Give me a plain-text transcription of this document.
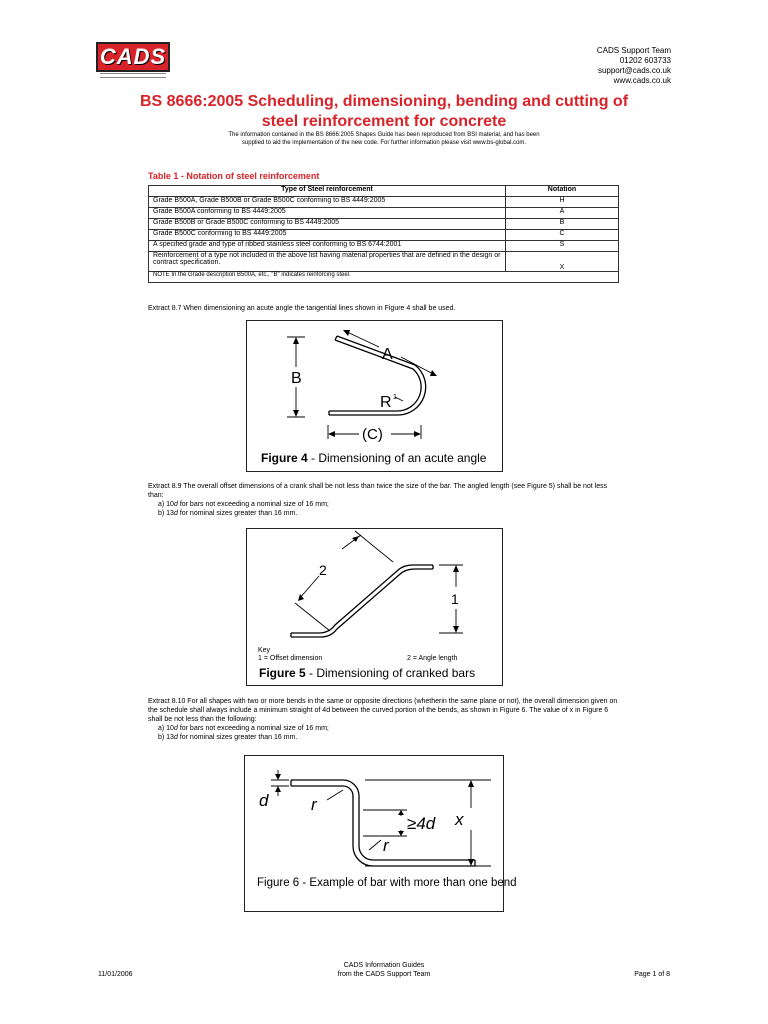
CADS	CADS Support Team
01202 603733
support@cads.co.uk
www.cads.co.uk
BS 8666:2005 Scheduling, dimensioning, bending and cutting of steel reinforcement for concrete
The information contained in the BS 8666:2005 Shapes Guide has been reproduced from BSI material, and has been supplied to aid the implementation of the new code. For further information please visit www.bs-global.com.
Table 1 - Notation of steel reinforcement
Type of Steel reinforcement	Notation
Grade B500A, Grade B500B or Grade B500C conforming to BS 4449:2005	H
Grade B500A conforming to BS 4449:2005	A
Grade B500B or Grade B500C conforming to BS 4449:2005	B
Grade B500C conforming to BS 4449:2005	C
A specified grade and type of ribbed stainless steel conforming to BS 6744:2001	S
Reinforcement of a type not included in the above list having material properties that are defined in the design or contract specification.	X
NOTE In the Grade description B500A, etc., "B" indicates reinforcing steel.	
Extract 8.7 When dimensioning an acute angle the tangential lines shown in Figure 4 shall be used.
B
A
R 1
(C)
Figure 4 - Dimensioning of an acute angle
Extract 8.9 The overall offset dimensions of a crank shall be not less than twice the size of the bar. The angled length (see Figure 5) shall be not less than:
a) 10d for bars not exceeding a nominal size of 16 mm;
b) 13d for nominal sizes greater than 16 mm.
2
1
Key
1 = Offset dimension	2 = Angle length
Figure 5 - Dimensioning of cranked bars
Extract 8.10 For all shapes with two or more bends in the same or opposite directions (whetherin the same plane or not), the overall dimension given on the schedule shall always include a minimum straight of 4d between the curved portion of the bends, as shown in Figure 6. The value of x in Figure 6 shall be not less than the following:
a) 10d for bars not exceeding a nominal size of 16 mm;
b) 13d for nominal sizes greater than 16 mm.
d	r
≥4d x
r
Figure 6 - Example of bar with more than one bend
11/01/2006
CADS Information Guides
from the CADS Support Team	Page 1 of 8
